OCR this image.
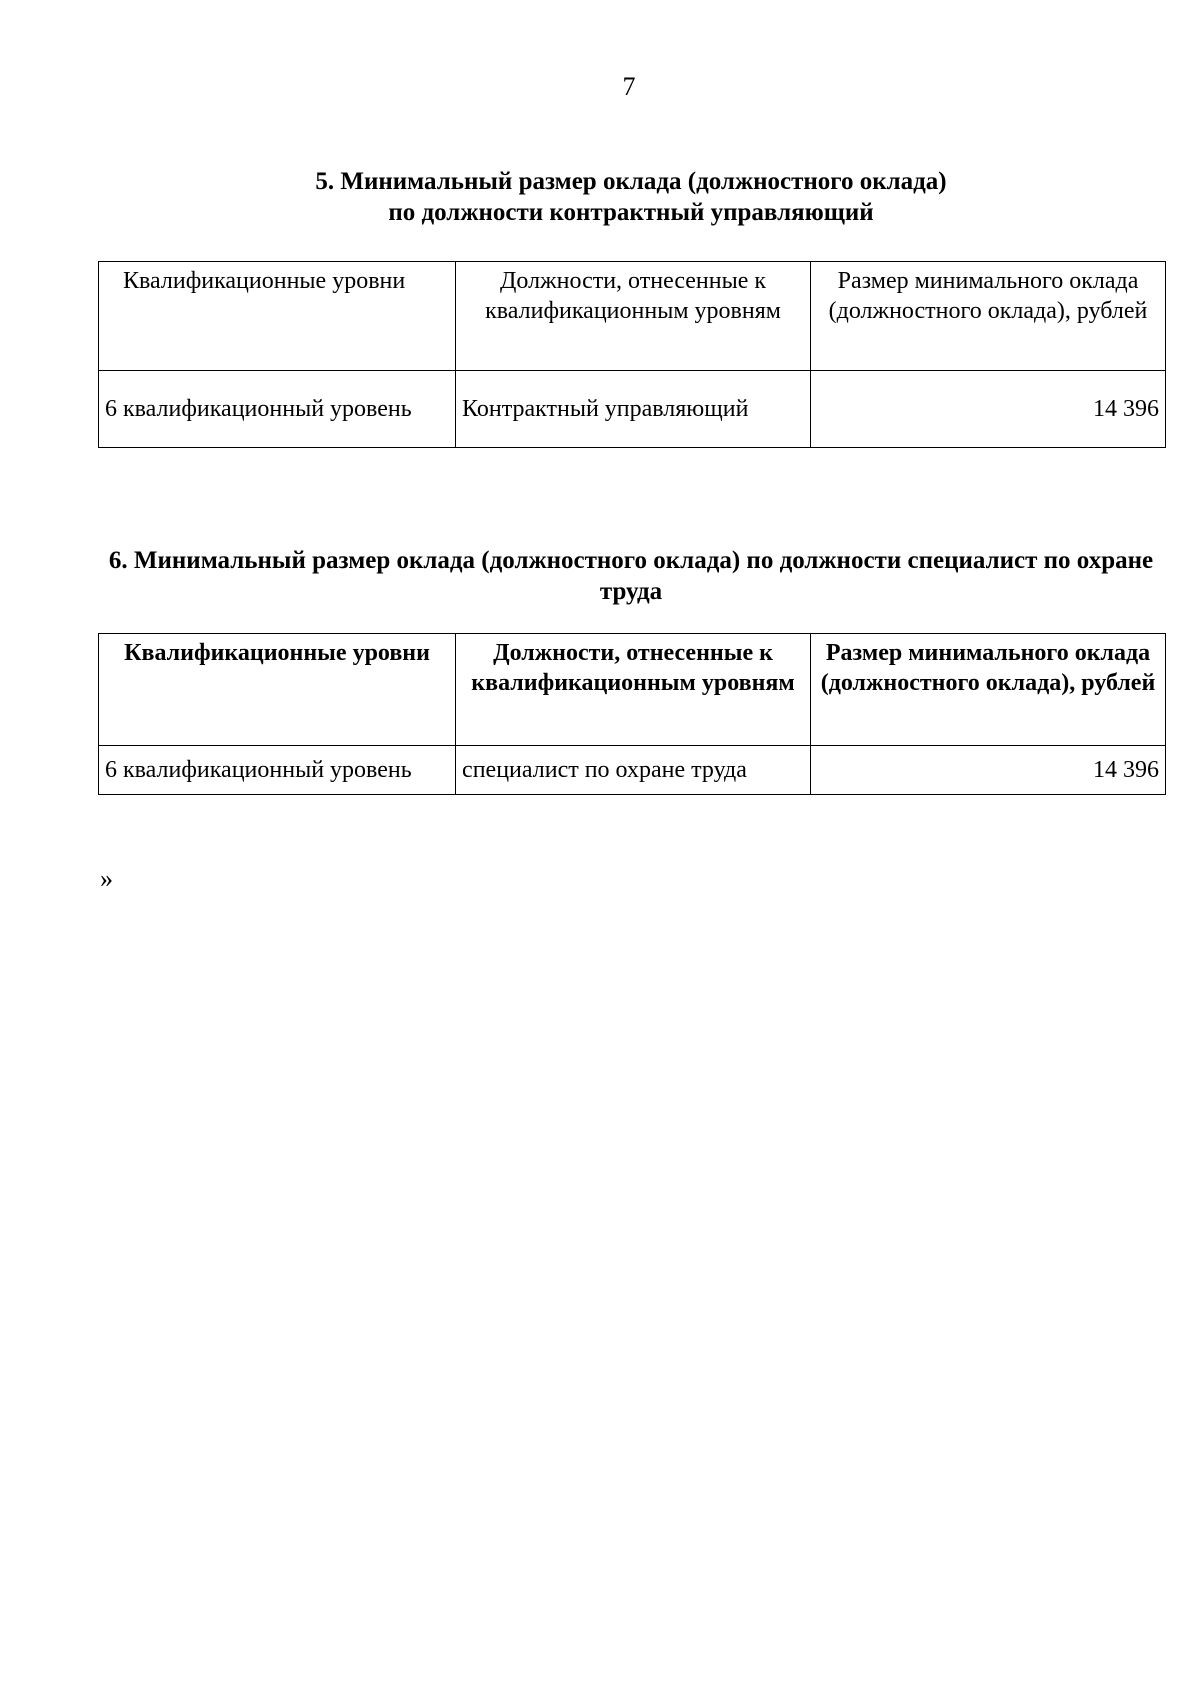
7
5. Минимальный размер оклада (должностного оклада)
по должности контрактный управляющий
Квалификационные уровни	Должности, отнесенные к квалификационным уровням	Размер минимального оклада (должностного оклада), рублей
6 квалификационный уровень	Контрактный управляющий	14 396
6. Минимальный размер оклада (должностного оклада) по должности специалист по охране труда
Квалификационные уровни	Должности, отнесенные к квалификационным уровням	Размер минимального оклада (должностного оклада), рублей
6 квалификационный уровень	специалист по охране труда	14 396
»
